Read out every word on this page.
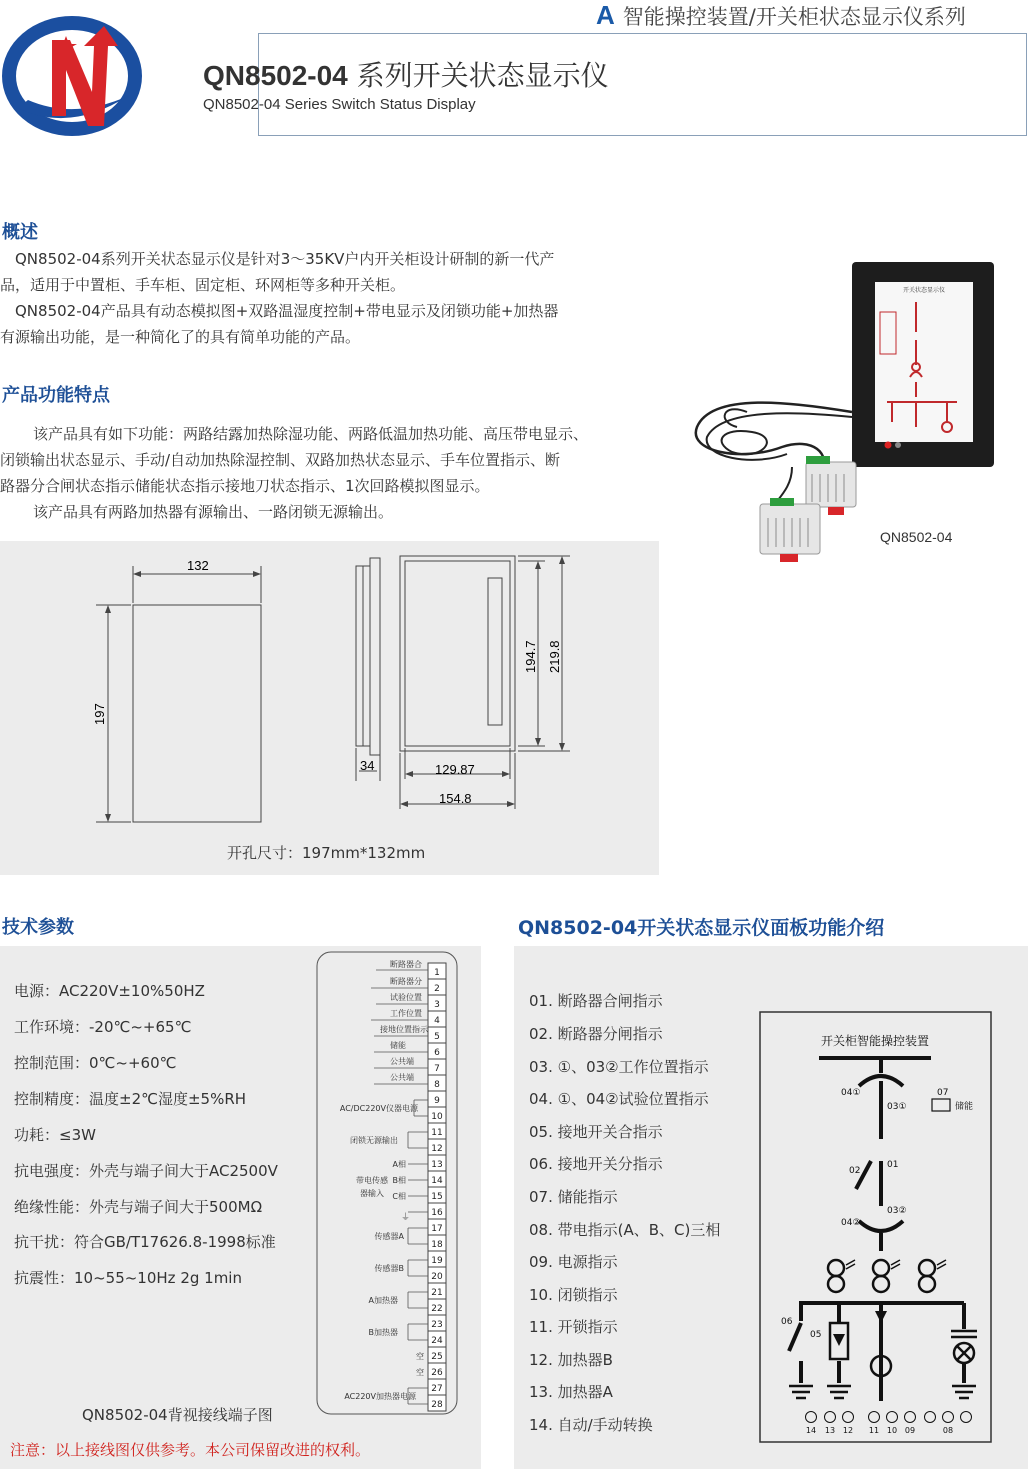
A 智能操控装置/开关柜状态显示仪系列
QN8502-04 系列开关状态显示仪
QN8502-04 Series Switch Status Display
概述

　QN8502-04系列开关状态显示仪是针对3～35KV户内开关柜设计研制的新一代产

品，适用于中置柜、手车柜、固定柜、环网柜等多种开关柜。

　QN8502-04产品具有动态模拟图+双路温湿度控制+带电显示及闭锁功能+加热器

有源输出功能，是一种简化了的具有简单功能的产品。

产品功能特点

该产品具有如下功能：两路结露加热除湿功能、两路低温加热功能、高压带电显示、

闭锁输出状态显示、手动/自动加热除湿控制、双路加热状态显示、手车位置指示、断

路器分合闸状态指示储能状态指示接地刀状态指示、1次回路模拟图显示。

该产品具有两路加热器有源输出、一路闭锁无源输出。

开关状态显示仪
QN8502-04
132
197
194.7 219.8
34	129.87
154.8
开孔尺寸：197mm*132mm
技术参数
电源：AC220V±10%50HZ
工作环境：-20℃~+65℃
控制范围：0℃~+60℃
控制精度：温度±2℃湿度±5%RH
功耗：≤3W
抗电强度：外壳与端子间大于AC2500V
绝缘性能：外壳与端子间大于500MΩ
抗干扰：符合GB/T17626.8-1998标准
抗震性：10~55~10Hz 2g 1min
1
2
3
4
5
6
7
8
9
10
11
12
13
14
15
16
17
18
19
20
21
22
23
24
25
26
27
28
断路器合
断路器分
试验位置
工作位置
接地位置指示
储能
公共端
公共端
AC/DC220V仪器电源
闭锁无源输出
A相
带电传感 B相
器输入 C相
传感器A
传感器B
A加热器
B加热器
空
空
AC220V加热器电源
⏚
QN8502-04背视接线端子图
注意：以上接线图仅供参考。本公司保留改进的权利。
QN8502-04开关状态显示仪面板功能介绍
01. 断路器合闸指示
02. 断路器分闸指示
03. ①、03②工作位置指示
04. ①、04②试验位置指示
05. 接地开关合指示
06. 接地开关分指示
07. 储能指示
08. 带电指示(A、B、C)三相
09. 电源指示
10. 闭锁指示
11. 开锁指示
12. 加热器B
13. 加热器A
14. 自动/手动转换
开关柜智能操控装置
04①
03①
07
储能
02
01
04②
03②
06
05
14 13 12 11 10 09	08
